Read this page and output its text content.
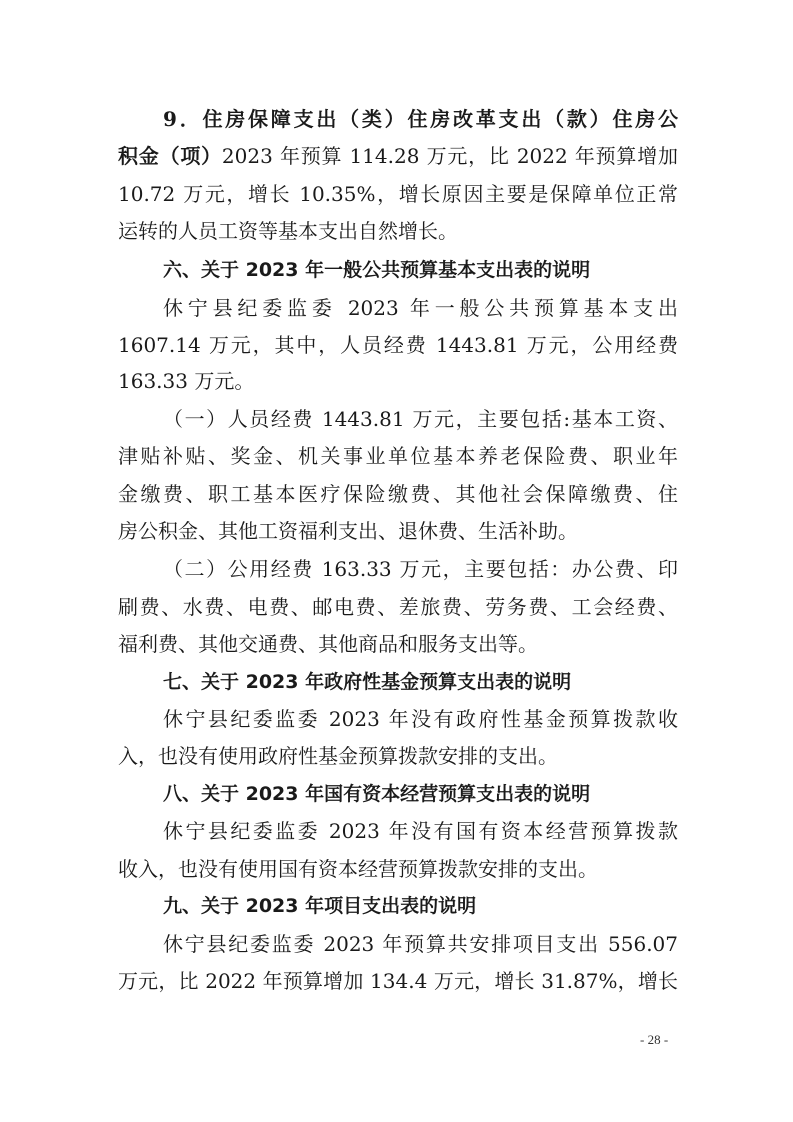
9．住房保障支出（类）住房改革支出（款）住房公
积金（项）2023 年预算 114.28 万元，比 2022 年预算增加
10.72 万元，增长 10.35%，增长原因主要是保障单位正常
运转的人员工资等基本支出自然增长。
六、关于 2023 年一般公共预算基本支出表的说明
休宁县纪委监委 2023 年一般公共预算基本支出
1607.14 万元，其中，人员经费 1443.81 万元，公用经费
163.33 万元。
（一）人员经费 1443.81 万元，主要包括:基本工资、
津贴补贴、奖金、机关事业单位基本养老保险费、职业年
金缴费、职工基本医疗保险缴费、其他社会保障缴费、住
房公积金、其他工资福利支出、退休费、生活补助。
（二）公用经费 163.33 万元，主要包括：办公费、印
刷费、水费、电费、邮电费、差旅费、劳务费、工会经费、
福利费、其他交通费、其他商品和服务支出等。
七、关于 2023 年政府性基金预算支出表的说明
休宁县纪委监委 2023 年没有政府性基金预算拨款收
入，也没有使用政府性基金预算拨款安排的支出。
八、关于 2023 年国有资本经营预算支出表的说明
休宁县纪委监委 2023 年没有国有资本经营预算拨款
收入，也没有使用国有资本经营预算拨款安排的支出。
九、关于 2023 年项目支出表的说明
休宁县纪委监委 2023 年预算共安排项目支出 556.07
万元，比 2022 年预算增加 134.4 万元，增长 31.87%，增长
- 28 -
